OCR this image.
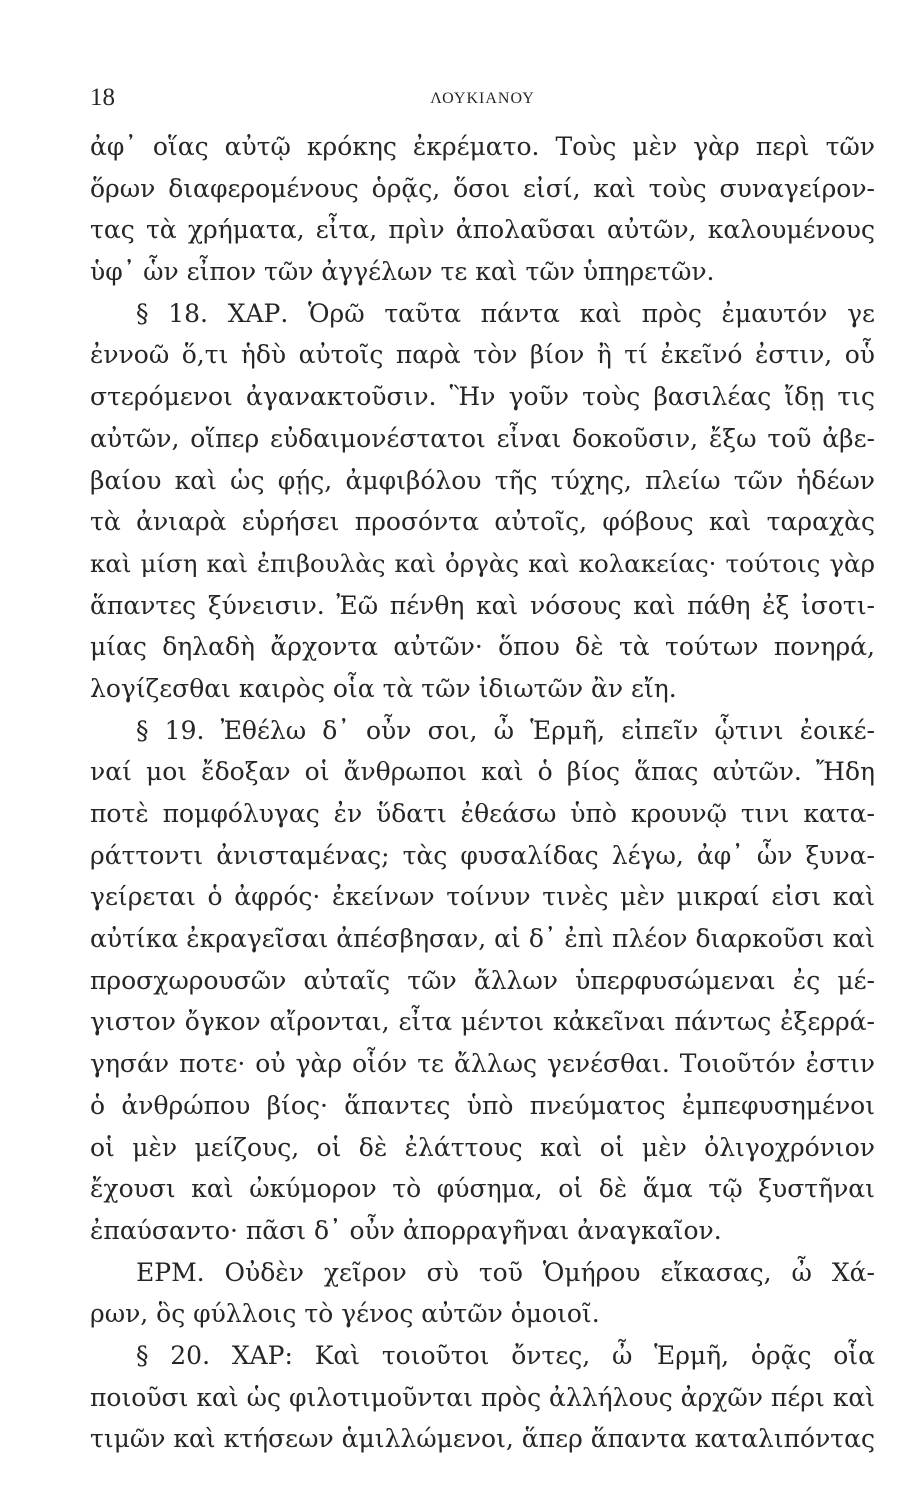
18	ΛΟΥΚΙΑΝΟΥ
ἀφ᾽ οἵας αὐτῷ κρόκης ἐκρέματο. Τοὺς μὲν γὰρ περὶ τῶν
ὅρων διαφερομένους ὁρᾷς, ὅσοι εἰσί, καὶ τοὺς συναγείρον-
τας τὰ χρήματα, εἶτα, πρὶν ἀπολαῦσαι αὐτῶν, καλουμένους
ὑφ᾽ ὧν εἶπον τῶν ἀγγέλων τε καὶ τῶν ὑπηρετῶν.
§ 18. ΧΑΡ. Ὁρῶ ταῦτα πάντα καὶ πρὸς ἐμαυτόν γε
ἐννοῶ ὅ,τι ἡδὺ αὐτοῖς παρὰ τὸν βίον ἢ τί ἐκεῖνό ἐστιν, οὗ
στερόμενοι ἀγανακτοῦσιν. Ἣν γοῦν τοὺς βασιλέας ἴδῃ τις
αὐτῶν, οἵπερ εὐδαιμονέστατοι εἶναι δοκοῦσιν, ἔξω τοῦ ἀβε-
βαίου καὶ ὡς φῄς, ἀμφιβόλου τῆς τύχης, πλείω τῶν ἡδέων
τὰ ἀνιαρὰ εὑρήσει προσόντα αὐτοῖς, φόβους καὶ ταραχὰς
καὶ μίση καὶ ἐπιβουλὰς καὶ ὀργὰς καὶ κολακείας· τούτοις γὰρ
ἅπαντες ξύνεισιν. Ἐῶ πένθη καὶ νόσους καὶ πάθη ἐξ ἰσοτι-
μίας δηλαδὴ ἄρχοντα αὐτῶν· ὅπου δὲ τὰ τούτων πονηρά,
λογίζεσθαι καιρὸς οἷα τὰ τῶν ἰδιωτῶν ἂν εἴη.
§ 19. Ἐθέλω δ᾽ οὖν σοι, ὦ Ἑρμῆ, εἰπεῖν ᾧτινι ἐοικέ-
ναί μοι ἔδοξαν οἱ ἄνθρωποι καὶ ὁ βίος ἅπας αὐτῶν. Ἤδη
ποτὲ πομφόλυγας ἐν ὕδατι ἐθεάσω ὑπὸ κρουνῷ τινι κατα-
ράττοντι ἀνισταμένας; τὰς φυσαλίδας λέγω, ἀφ᾽ ὧν ξυνα-
γείρεται ὁ ἀφρός· ἐκείνων τοίνυν τινὲς μὲν μικραί εἰσι καὶ
αὐτίκα ἐκραγεῖσαι ἀπέσβησαν, αἱ δ᾽ ἐπὶ πλέον διαρκοῦσι καὶ
προσχωρουσῶν αὐταῖς τῶν ἄλλων ὑπερφυσώμεναι ἐς μέ-
γιστον ὄγκον αἴρονται, εἶτα μέντοι κἀκεῖναι πάντως ἐξερρά-
γησάν ποτε· οὐ γὰρ οἷόν τε ἄλλως γενέσθαι. Τοιοῦτόν ἐστιν
ὁ ἀνθρώπου βίος· ἅπαντες ὑπὸ πνεύματος ἐμπεφυσημένοι
οἱ μὲν μείζους, οἱ δὲ ἐλάττους καὶ οἱ μὲν ὀλιγοχρόνιον
ἔχουσι καὶ ὠκύμορον τὸ φύσημα, οἱ δὲ ἅμα τῷ ξυστῆναι
ἐπαύσαντο· πᾶσι δ᾽ οὖν ἀπορραγῆναι ἀναγκαῖον.
ΕΡΜ. Οὐδὲν χεῖρον σὺ τοῦ Ὁμήρου εἴκασας, ὦ Χά-
ρων, ὃς φύλλοις τὸ γένος αὐτῶν ὁμοιοῖ.
§ 20. ΧΑΡ: Καὶ τοιοῦτοι ὄντες, ὦ Ἑρμῆ, ὁρᾷς οἷα
ποιοῦσι καὶ ὡς φιλοτιμοῦνται πρὸς ἀλλήλους ἀρχῶν πέρι καὶ
τιμῶν καὶ κτήσεων ἁμιλλώμενοι, ἅπερ ἅπαντα καταλιπόντας
